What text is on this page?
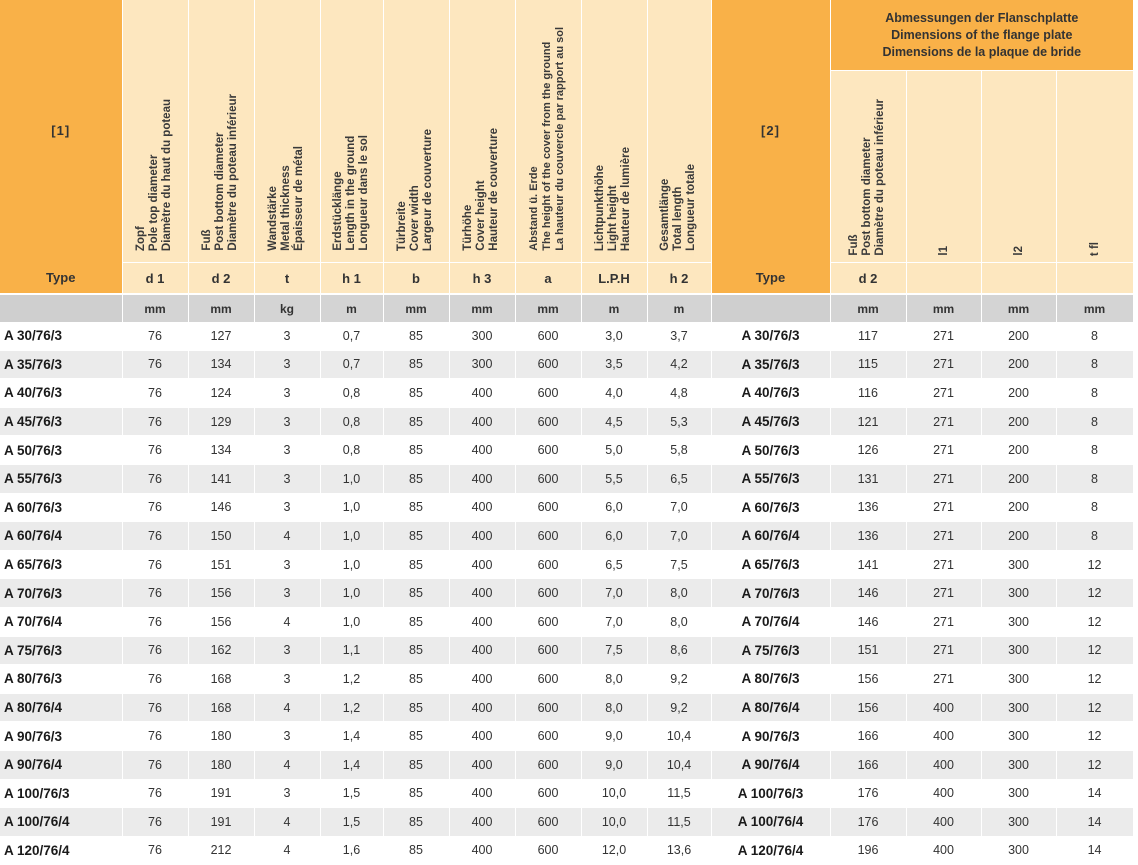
[1]	Zopf Pole top diameter Diamètre du haut du poteau	Fuß Post bottom diameter Diamètre du poteau inférieur	Wandstärke Metal thickness Épaisseur de métal	Erdstücklänge Length in the ground Longueur dans le sol	Türbreite Cover width Largeur de couverture	Türhöhe Cover height Hauteur de couverture	Abstand ü. Erde The height of the cover from the ground La hauteur du couvercle par rapport au sol	Lichtpunkthöhe Light height Hauteur de lumière	Gesamtlänge Total length Longueur totale	[2]	Abmessungen der Flanschplatte
Dimensions of the flange plate
Dimensions de la plaque de bride			

											Fuß Post bottom diameter Diamètre du poteau inférieur	l1	l2	t fl

Type	d 1	d 2	t	h 1	b	h 3	a	L.P.H	h 2	Type	d 2			
	mm	mm	kg	m	mm	mm	mm	m	m		mm	mm	mm	mm
A 30/76/3	76	127	3	0,7	85	300	600	3,0	3,7	A 30/76/3	117	271	200	8
A 35/76/3	76	134	3	0,7	85	300	600	3,5	4,2	A 35/76/3	115	271	200	8
A 40/76/3	76	124	3	0,8	85	400	600	4,0	4,8	A 40/76/3	116	271	200	8
A 45/76/3	76	129	3	0,8	85	400	600	4,5	5,3	A 45/76/3	121	271	200	8
A 50/76/3	76	134	3	0,8	85	400	600	5,0	5,8	A 50/76/3	126	271	200	8
A 55/76/3	76	141	3	1,0	85	400	600	5,5	6,5	A 55/76/3	131	271	200	8
A 60/76/3	76	146	3	1,0	85	400	600	6,0	7,0	A 60/76/3	136	271	200	8
A 60/76/4	76	150	4	1,0	85	400	600	6,0	7,0	A 60/76/4	136	271	200	8
A 65/76/3	76	151	3	1,0	85	400	600	6,5	7,5	A 65/76/3	141	271	300	12
A 70/76/3	76	156	3	1,0	85	400	600	7,0	8,0	A 70/76/3	146	271	300	12
A 70/76/4	76	156	4	1,0	85	400	600	7,0	8,0	A 70/76/4	146	271	300	12
A 75/76/3	76	162	3	1,1	85	400	600	7,5	8,6	A 75/76/3	151	271	300	12
A 80/76/3	76	168	3	1,2	85	400	600	8,0	9,2	A 80/76/3	156	271	300	12
A 80/76/4	76	168	4	1,2	85	400	600	8,0	9,2	A 80/76/4	156	400	300	12
A 90/76/3	76	180	3	1,4	85	400	600	9,0	10,4	A 90/76/3	166	400	300	12
A 90/76/4	76	180	4	1,4	85	400	600	9,0	10,4	A 90/76/4	166	400	300	12
A 100/76/3	76	191	3	1,5	85	400	600	10,0	11,5	A 100/76/3	176	400	300	14
A 100/76/4	76	191	4	1,5	85	400	600	10,0	11,5	A 100/76/4	176	400	300	14
A 120/76/4	76	212	4	1,6	85	400	600	12,0	13,6	A 120/76/4	196	400	300	14
